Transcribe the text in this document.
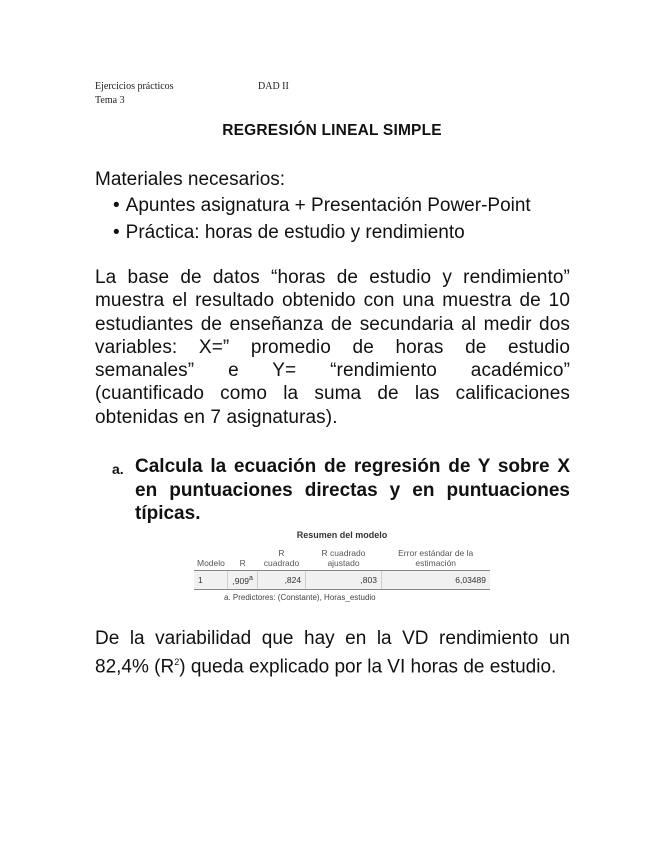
Ejercicios prácticos	DAD II
Tema 3
REGRESIÓN LINEAL SIMPLE
Materiales necesarios:
• Apuntes asignatura + Presentación Power-Point
• Práctica: horas de estudio y rendimiento
La base de datos “horas de estudio y rendimiento” muestra el resultado obtenido con una muestra de 10 estudiantes de enseñanza de secundaria al medir dos variables: X=” promedio de horas de estudio semanales” e Y= “rendimiento académico” (cuantificado como la suma de las calificaciones obtenidas en 7 asignaturas).
a. Calcula la ecuación de regresión de Y sobre X en puntuaciones directas y en puntuaciones típicas.
Resumen del modelo
Modelo	R	R cuadrado	R cuadrado ajustado	Error estándar de la estimación
1	,909$^a$	,824	,803	6,03489
a. Predictores: (Constante), Horas_estudio
De la variabilidad que hay en la VD rendimiento un 82,4% $(R^2)$ queda explicado por la VI horas de estudio.
